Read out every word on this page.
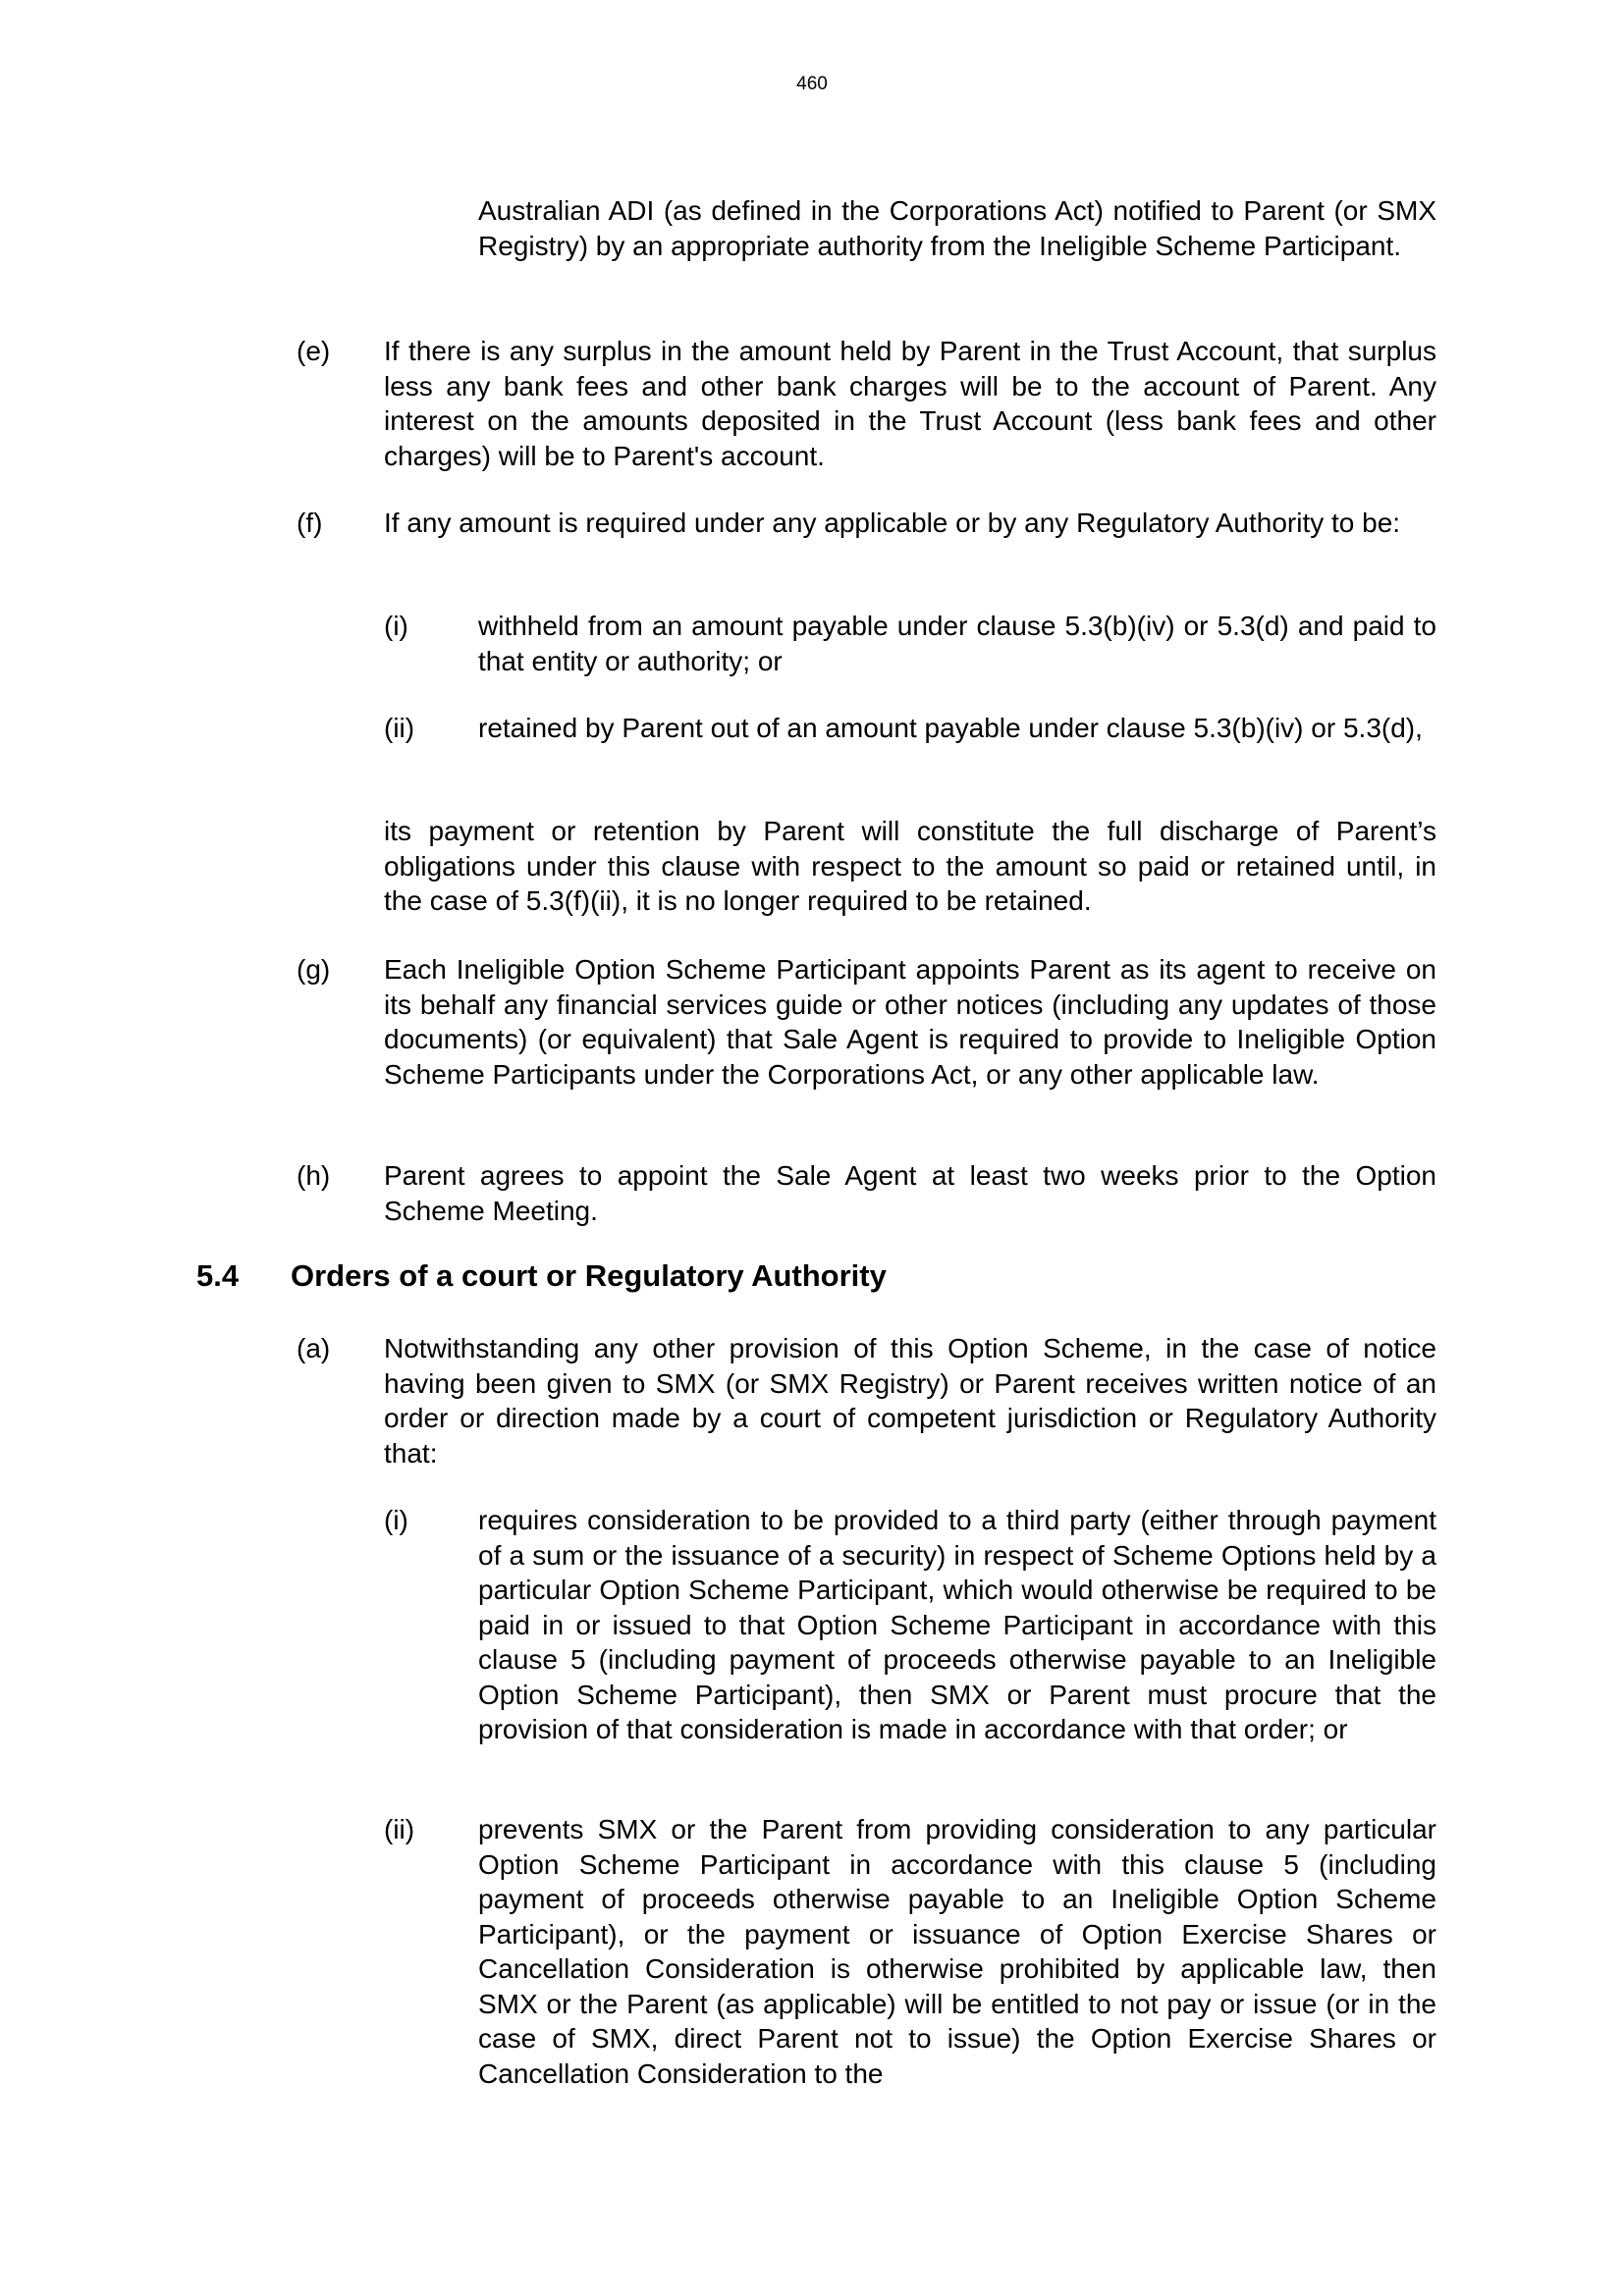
460

Australian ADI (as defined in the Corporations Act) notified to Parent (or SMX Registry) by an appropriate authority from the Ineligible Scheme Participant.

(e) If there is any surplus in the amount held by Parent in the Trust Account, that surplus less any bank fees and other bank charges will be to the account of Parent. Any interest on the amounts deposited in the Trust Account (less bank fees and other charges) will be to Parent's account.

(f) If any amount is required under any applicable or by any Regulatory Authority to be:

(i)	withheld from an amount payable under clause 5.3(b)(iv) or 5.3(d) and paid to that entity or authority; or

(ii) retained by Parent out of an amount payable under clause 5.3(b)(iv) or 5.3(d),

its payment or retention by Parent will constitute the full discharge of Parent’s obligations under this clause with respect to the amount so paid or retained until, in the case of 5.3(f)(ii), it is no longer required to be retained.

(g) Each Ineligible Option Scheme Participant appoints Parent as its agent to receive on its behalf any financial services guide or other notices (including any updates of those documents) (or equivalent) that Sale Agent is required to provide to Ineligible Option Scheme Participants under the Corporations Act, or any other applicable law.

(h) Parent agrees to appoint the Sale Agent at least two weeks prior to the Option Scheme Meeting.

5.4 Orders of a court or Regulatory Authority
(a) Notwithstanding any other provision of this Option Scheme, in the case of notice having been given to SMX (or SMX Registry) or Parent receives written notice of an order or direction made by a court of competent jurisdiction or Regulatory Authority that:

(i)	requires consideration to be provided to a third party (either through payment of a sum or the issuance of a security) in respect of Scheme Options held by a particular Option Scheme Participant, which would otherwise be required to be paid in or issued to that Option Scheme Participant in accordance with this clause 5 (including payment of proceeds otherwise payable to an Ineligible Option Scheme Participant), then SMX or Parent must procure that the provision of that consideration is made in accordance with that order; or

(ii) prevents SMX or the Parent from providing consideration to any particular Option Scheme Participant in accordance with this clause 5 (including payment of proceeds otherwise payable to an Ineligible Option Scheme Participant), or the payment or issuance of Option Exercise Shares or Cancellation Consideration is otherwise prohibited by applicable law, then SMX or the Parent (as applicable) will be entitled to not pay or issue (or in the case of SMX, direct Parent not to issue) the Option Exercise Shares or Cancellation Consideration to the
